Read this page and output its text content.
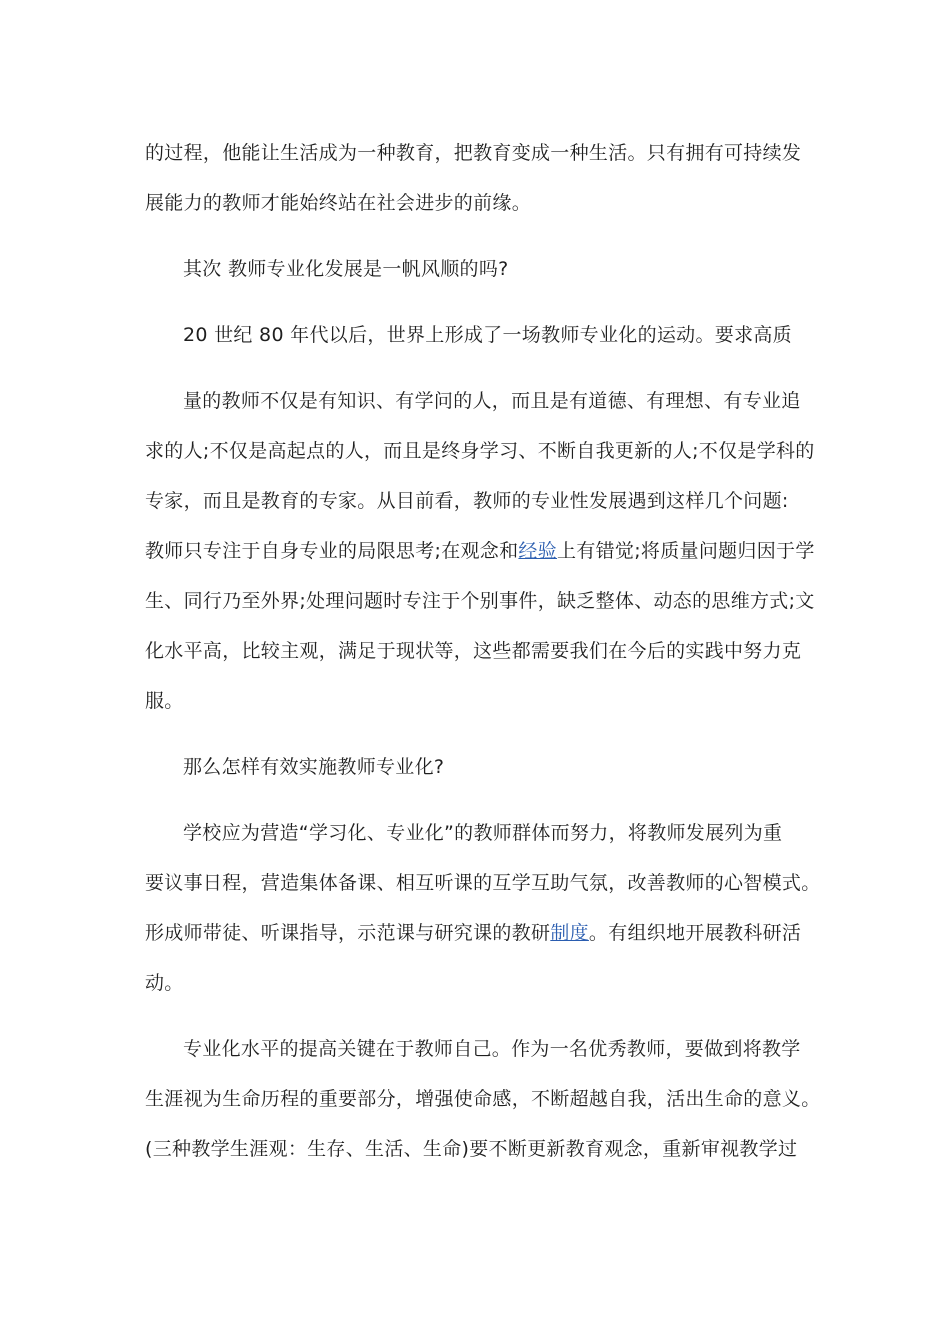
的过程，他能让生活成为一种教育，把教育变成一种生活。只有拥有可持续发
展能力的教师才能始终站在社会进步的前缘。
其次 教师专业化发展是一帆风顺的吗?
20 世纪 80 年代以后，世界上形成了一场教师专业化的运动。要求高质
量的教师不仅是有知识、有学问的人，而且是有道德、有理想、有专业追
求的人;不仅是高起点的人，而且是终身学习、不断自我更新的人;不仅是学科的
专家，而且是教育的专家。从目前看，教师的专业性发展遇到这样几个问题:
教师只专注于自身专业的局限思考;在观念和经验上有错觉;将质量问题归因于学
生、同行乃至外界;处理问题时专注于个别事件，缺乏整体、动态的思维方式;文
化水平高，比较主观，满足于现状等，这些都需要我们在今后的实践中努力克
服。
那么怎样有效实施教师专业化?
学校应为营造“学习化、专业化”的教师群体而努力，将教师发展列为重
要议事日程，营造集体备课、相互听课的互学互助气氛，改善教师的心智模式。
形成师带徒、听课指导，示范课与研究课的教研制度。有组织地开展教科研活
动。
专业化水平的提高关键在于教师自己。作为一名优秀教师，要做到将教学
生涯视为生命历程的重要部分，增强使命感，不断超越自我，活出生命的意义。
(三种教学生涯观：生存、生活、生命)要不断更新教育观念，重新审视教学过
